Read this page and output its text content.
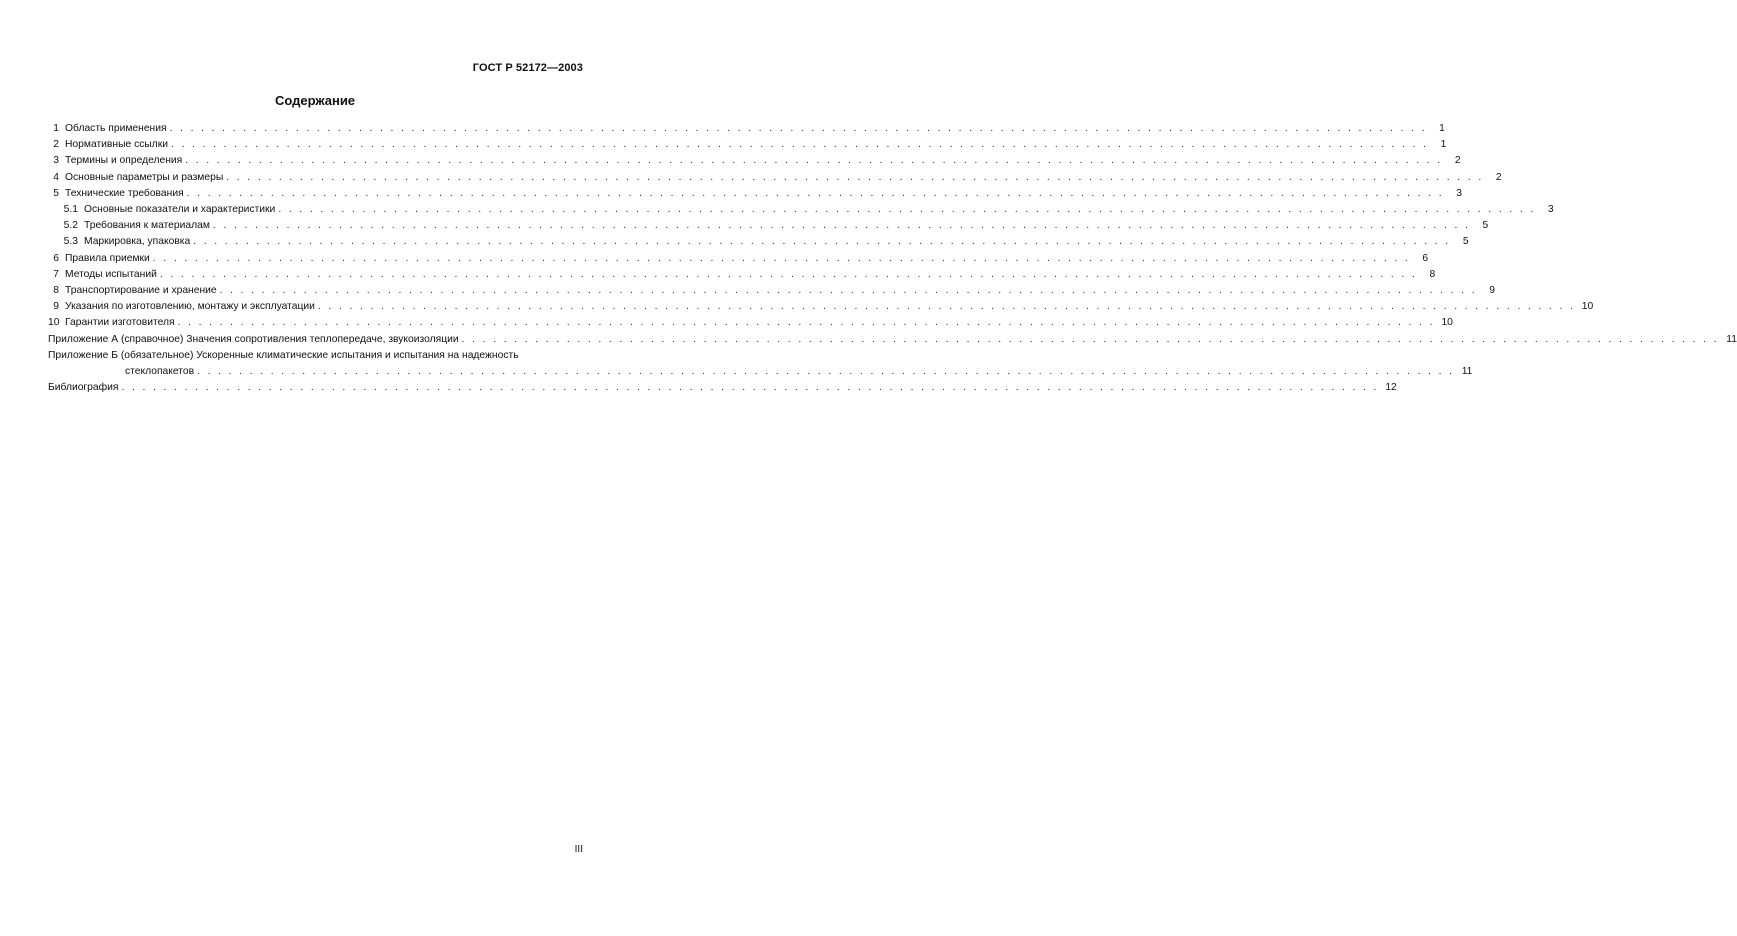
ГОСТ Р 52172—2003
Содержание
1 Область применения . . . . . . . . . . . . . . . . . . . . . . . . . . . . . . . . . . . . . . . . . . . . . . . . . . . . . . . . . . . . . . . . . . . . . . . . . . . . . . . . . . . . . . . . . . . . . . . . . . . . . . . . . . . . . . . . . . . . . . . .	1
2 Нормативные ссылки . . . . . . . . . . . . . . . . . . . . . . . . . . . . . . . . . . . . . . . . . . . . . . . . . . . . . . . . . . . . . . . . . . . . . . . . . . . . . . . . . . . . . . . . . . . . . . . . . . . . . . . . . . . . . . . . . . . . . . . .	1
3 Термины и определения . . . . . . . . . . . . . . . . . . . . . . . . . . . . . . . . . . . . . . . . . . . . . . . . . . . . . . . . . . . . . . . . . . . . . . . . . . . . . . . . . . . . . . . . . . . . . . . . . . . . . . . . . . . . . . . . . . . . . . . .	2
4 Основные параметры и размеры . . . . . . . . . . . . . . . . . . . . . . . . . . . . . . . . . . . . . . . . . . . . . . . . . . . . . . . . . . . . . . . . . . . . . . . . . . . . . . . . . . . . . . . . . . . . . . . . . . . . . . . . . . . . . . . . . . . . . . . .	2
5 Технические требования . . . . . . . . . . . . . . . . . . . . . . . . . . . . . . . . . . . . . . . . . . . . . . . . . . . . . . . . . . . . . . . . . . . . . . . . . . . . . . . . . . . . . . . . . . . . . . . . . . . . . . . . . . . . . . . . . . . . . . . .	3
5.1 Основные показатели и характеристики . . . . . . . . . . . . . . . . . . . . . . . . . . . . . . . . . . . . . . . . . . . . . . . . . . . . . . . . . . . . . . . . . . . . . . . . . . . . . . . . . . . . . . . . . . . . . . . . . . . . . . . . . . . . . . . . . . . . . . . .	3
5.2 Требования к материалам . . . . . . . . . . . . . . . . . . . . . . . . . . . . . . . . . . . . . . . . . . . . . . . . . . . . . . . . . . . . . . . . . . . . . . . . . . . . . . . . . . . . . . . . . . . . . . . . . . . . . . . . . . . . . . . . . . . . . . . .	5
5.3 Маркировка, упаковка . . . . . . . . . . . . . . . . . . . . . . . . . . . . . . . . . . . . . . . . . . . . . . . . . . . . . . . . . . . . . . . . . . . . . . . . . . . . . . . . . . . . . . . . . . . . . . . . . . . . . . . . . . . . . . . . . . . . . . . .	5
6 Правила приемки . . . . . . . . . . . . . . . . . . . . . . . . . . . . . . . . . . . . . . . . . . . . . . . . . . . . . . . . . . . . . . . . . . . . . . . . . . . . . . . . . . . . . . . . . . . . . . . . . . . . . . . . . . . . . . . . . . . . . . . .	6
7 Методы испытаний . . . . . . . . . . . . . . . . . . . . . . . . . . . . . . . . . . . . . . . . . . . . . . . . . . . . . . . . . . . . . . . . . . . . . . . . . . . . . . . . . . . . . . . . . . . . . . . . . . . . . . . . . . . . . . . . . . . . . . . .	8
8 Транспортирование и хранение . . . . . . . . . . . . . . . . . . . . . . . . . . . . . . . . . . . . . . . . . . . . . . . . . . . . . . . . . . . . . . . . . . . . . . . . . . . . . . . . . . . . . . . . . . . . . . . . . . . . . . . . . . . . . . . . . . . . . . . .	9
9 Указания по изготовлению, монтажу и эксплуатации . . . . . . . . . . . . . . . . . . . . . . . . . . . . . . . . . . . . . . . . . . . . . . . . . . . . . . . . . . . . . . . . . . . . . . . . . . . . . . . . . . . . . . . . . . . . . . . . . . . . . . . . . . . . . . . . . . . . . . . . 10
10 Гарантии изготовителя . . . . . . . . . . . . . . . . . . . . . . . . . . . . . . . . . . . . . . . . . . . . . . . . . . . . . . . . . . . . . . . . . . . . . . . . . . . . . . . . . . . . . . . . . . . . . . . . . . . . . . . . . . . . . . . . . . . . . . . . 10
Приложение А (справочное) Значения сопротивления теплопередаче, звукоизоляции . . . . . . . . . . . . . . . . . . . . . . . . . . . . . . . . . . . . . . . . . . . . . . . . . . . . . . . . . . . . . . . . . . . . . . . . . . . . . . . . . . . . . . . . . . . . . . . . . . . . . . . . . . . . . . . . . . . . . . . . 11
Приложение Б (обязательное) Ускоренные климатические испытания и испытания на надежность
стеклопакетов . . . . . . . . . . . . . . . . . . . . . . . . . . . . . . . . . . . . . . . . . . . . . . . . . . . . . . . . . . . . . . . . . . . . . . . . . . . . . . . . . . . . . . . . . . . . . . . . . . . . . . . . . . . . . . . . . . . . . . . . 11
Библиография . . . . . . . . . . . . . . . . . . . . . . . . . . . . . . . . . . . . . . . . . . . . . . . . . . . . . . . . . . . . . . . . . . . . . . . . . . . . . . . . . . . . . . . . . . . . . . . . . . . . . . . . . . . . . . . . . . . . . . . . 12
III
